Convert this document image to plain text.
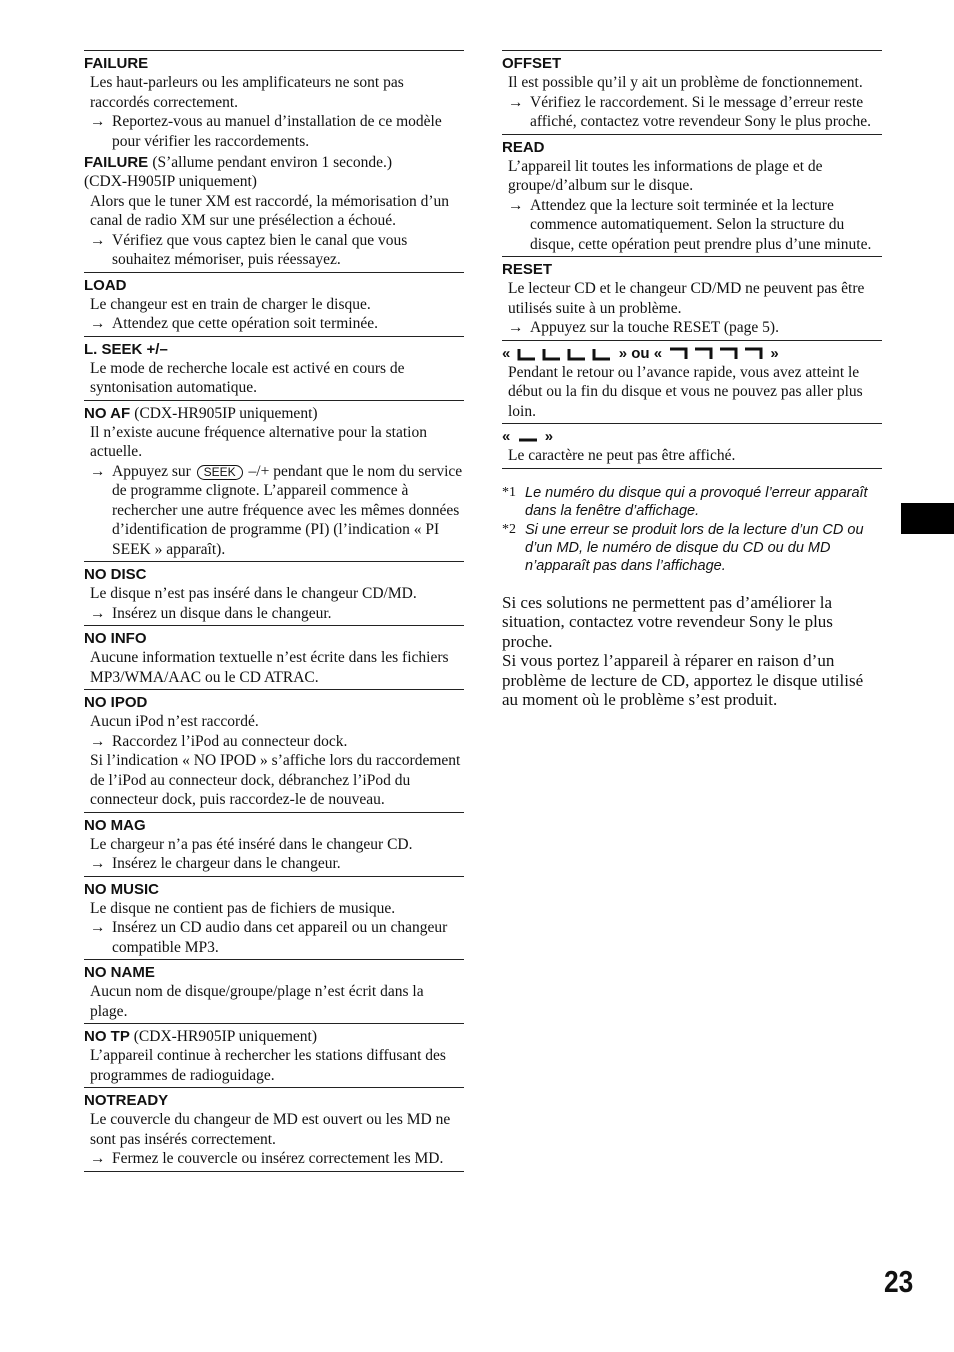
FAILURE
Les haut-parleurs ou les amplificateurs ne sont pas raccordés correctement.
→ Reportez-vous au manuel d’installation de ce modèle pour vérifier les raccordements.
FAILURE (S’allume pendant environ 1 seconde.)
(CDX-H905IP uniquement)
Alors que le tuner XM est raccordé, la mémorisation d’un canal de radio XM sur une présélection a échoué.
→ Vérifiez que vous captez bien le canal que vous souhaitez mémoriser, puis réessayez.
LOAD
Le changeur est en train de charger le disque.
→ Attendez que cette opération soit terminée.
L. SEEK +/–
Le mode de recherche locale est activé en cours de syntonisation automatique.
NO AF (CDX-HR905IP uniquement)
Il n’existe aucune fréquence alternative pour la station actuelle.
→ Appuyez sur SEEK –/+ pendant que le nom du service de programme clignote. L’appareil commence à rechercher une autre fréquence avec les mêmes données d’identification de programme (PI) (l’indication « PI SEEK » apparaît).
NO DISC
Le disque n’est pas inséré dans le changeur CD/MD.
→ Insérez un disque dans le changeur.
NO INFO
Aucune information textuelle n’est écrite dans les fichiers MP3/WMA/AAC ou le CD ATRAC.
NO IPOD
Aucun iPod n’est raccordé.
→ Raccordez l’iPod au connecteur dock.
Si l’indication « NO IPOD » s’affiche lors du raccordement de l’iPod au connecteur dock, débranchez l’iPod du connecteur dock, puis raccordez-le de nouveau.
NO MAG
Le chargeur n’a pas été inséré dans le changeur CD.
→ Insérez le chargeur dans le changeur.
NO MUSIC
Le disque ne contient pas de fichiers de musique.
→ Insérez un CD audio dans cet appareil ou un changeur compatible MP3.
NO NAME
Aucun nom de disque/groupe/plage n’est écrit dans la plage.
NO TP (CDX-HR905IP uniquement)
L’appareil continue à rechercher les stations diffusant des programmes de radioguidage.
NOTREADY
Le couvercle du changeur de MD est ouvert ou les MD ne sont pas insérés correctement.
→ Fermez le couvercle ou insérez correctement les MD.
OFFSET
Il est possible qu’il y ait un problème de fonctionnement.
→ Vérifiez le raccordement. Si le message d’erreur reste affiché, contactez votre revendeur Sony le plus proche.
READ
L’appareil lit toutes les informations de plage et de groupe/d’album sur le disque.
→ Attendez que la lecture soit terminée et la lecture commence automatiquement. Selon la structure du disque, cette opération peut prendre plus d’une minute.
RESET
Le lecteur CD et le changeur CD/MD ne peuvent pas être utilisés suite à un problème.
→ Appuyez sur la touche RESET (page 5).
«	» ou «	»
Pendant le retour ou l’avance rapide, vous avez atteint le début ou la fin du disque et vous ne pouvez pas aller plus loin.
« »
Le caractère ne peut pas être affiché.
*1 Le numéro du disque qui a provoqué l’erreur apparaît dans la fenêtre d’affichage.
*2 Si une erreur se produit lors de la lecture d’un CD ou d’un MD, le numéro de disque du CD ou du MD n’apparaît pas dans l’affichage.
Si ces solutions ne permettent pas d’améliorer la situation, contactez votre revendeur Sony le plus proche.
Si vous portez l’appareil à réparer en raison d’un problème de lecture de CD, apportez le disque utilisé au moment où le problème s’est produit.
23
